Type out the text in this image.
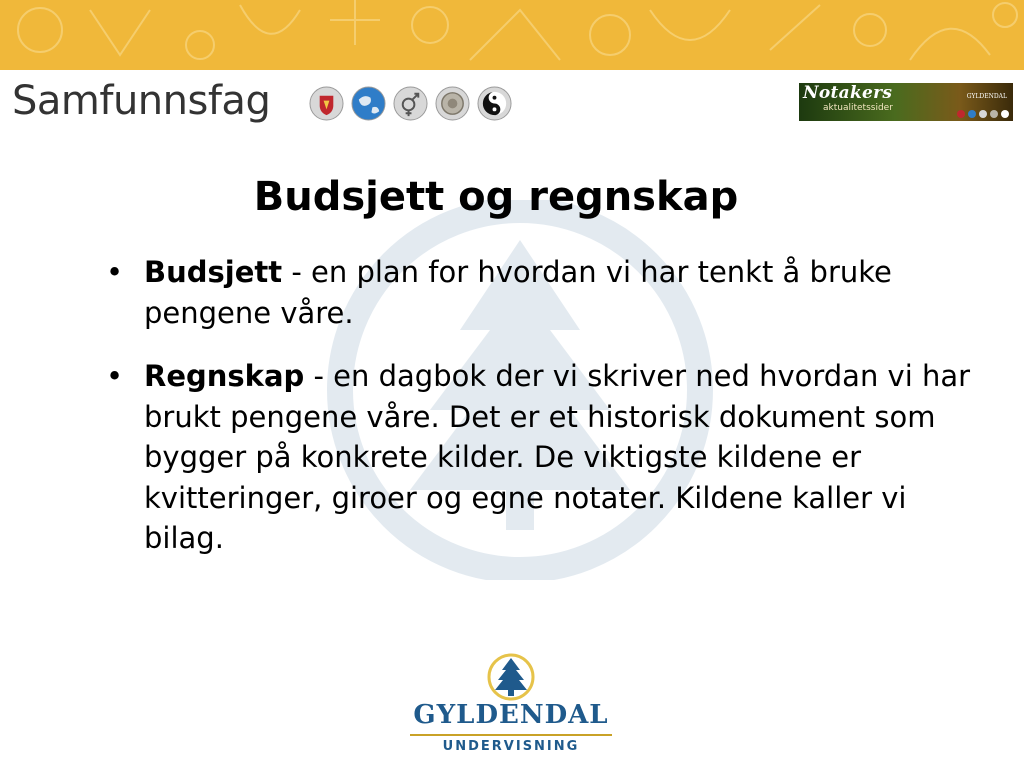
Samfunnsfag	Notakers
aktualitetssider
GYLDENDAL
Budsjett og regnskap
• Budsjett - en plan for hvordan vi har tenkt å bruke pengene våre.
• Regnskap - en dagbok der vi skriver ned hvordan vi har brukt pengene våre. Det er et historisk dokument som bygger på konkrete kilder. De viktigste kildene er kvitteringer, giroer og egne notater. Kildene kaller vi bilag.
GYLDENDAL
UNDERVISNING
